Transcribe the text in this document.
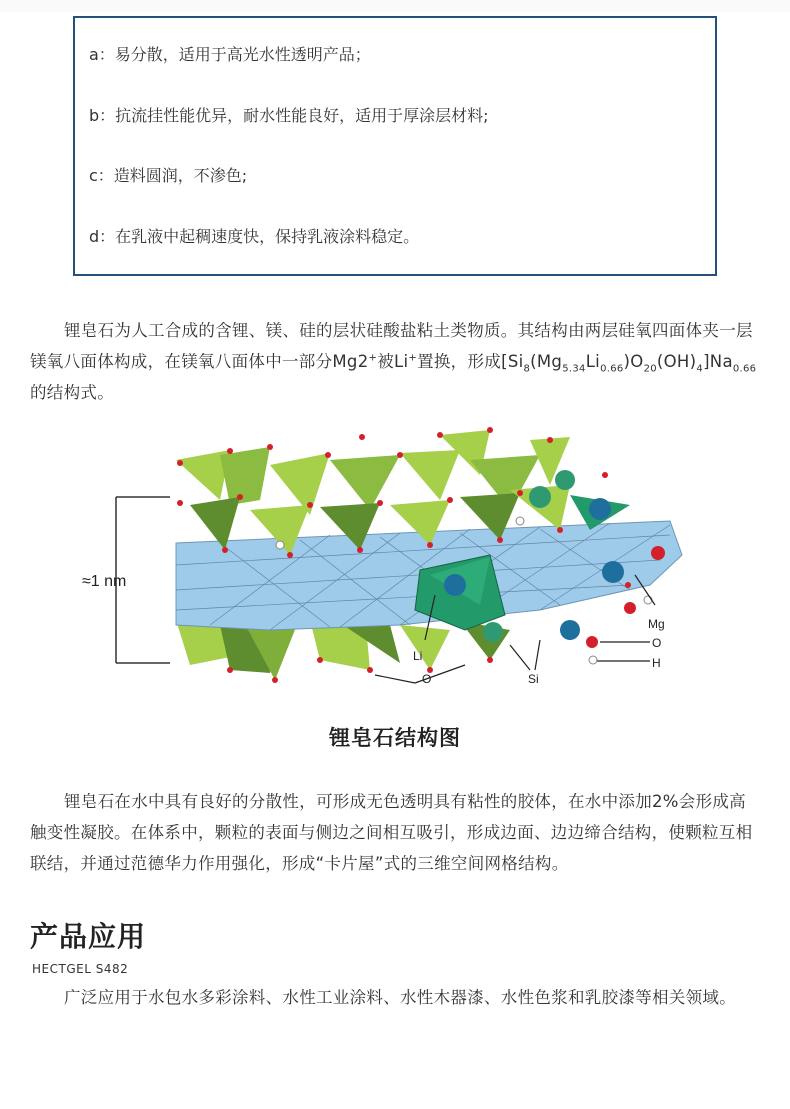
a：易分散，适用于高光水性透明产品；
b：抗流挂性能优异，耐水性能良好，适用于厚涂层材料;
c：造料圆润，不渗色;
d：在乳液中起稠速度快，保持乳液涂料稳定。

锂皂石为人工合成的含锂、镁、硅的层状硅酸盐粘土类物质。其结构由两层硅氧四面体夹一层镁氧八面体构成，在镁氧八面体中一部分Mg2+被Li+置换，形成$[Si_8(Mg_{5.34}Li_{0.66})O_{20}(OH)_4]Na_{0.66}$的结构式。

≈1 nm
Mg
O
H
Li
O	Si
锂皂石结构图

锂皂石在水中具有良好的分散性，可形成无色透明具有粘性的胶体，在水中添加2%会形成高触变性凝胶。在体系中，颗粒的表面与侧边之间相互吸引，形成边面、边边缔合结构，使颗粒互相联结，并通过范德华力作用强化，形成“卡片屋”式的三维空间网格结构。

产品应用
HECTGEL S482

广泛应用于水包水多彩涂料、水性工业涂料、水性木器漆、水性色浆和乳胶漆等相关领域。
